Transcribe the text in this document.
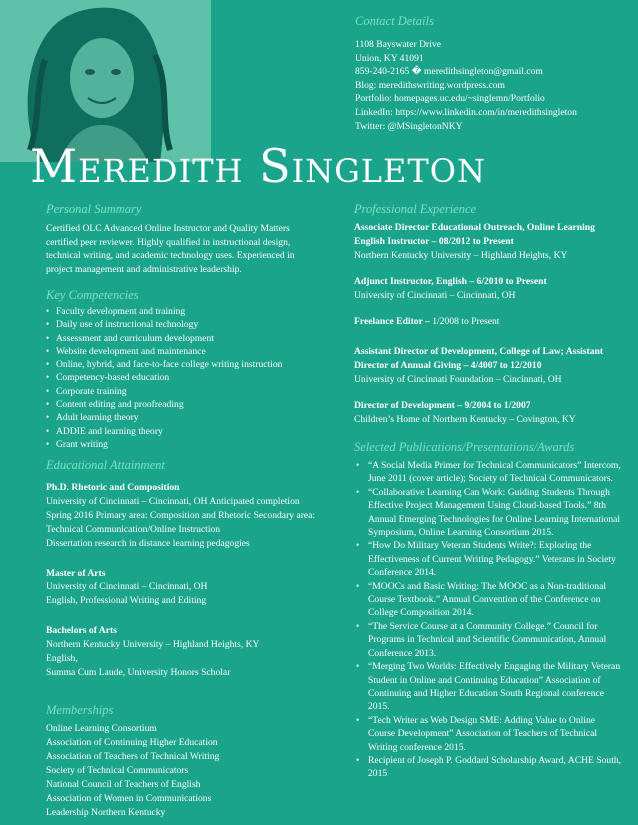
Contact Details
1108 Bayswater Drive
Union, KY 41091
859-240-2165 � meredithsingleton@gmail.com
Blog: meredithswriting.wordpress.com
Portfolio: homepages.uc.edu/~singlemn/Portfolio
LinkedIn: https://www.linkedin.com/in/meredithsingleton
Twitter: @MSingletonNKY
Meredith Singleton
Personal Summary

Certified OLC Advanced Online Instructor and Quality Matters certified peer reviewer. Highly qualified in instructional design, technical writing, and academic technology uses. Experienced in project management and administrative leadership.

Key Competencies
• Faculty development and training
• Daily use of instructional technology
• Assessment and curriculum development
• Website development and maintenance
• Online, hybrid, and face-to-face college writing instruction
• Competency-based education
• Corporate training
• Content editing and proofreading
• Adult learning theory
• ADDIE and learning theory
• Grant writing
Educational Attainment

Ph.D. Rhetoric and Composition

University of Cincinnati – Cincinnati, OH Anticipated completion Spring 2016 Primary area: Composition and Rhetoric Secondary area: Technical Communication/Online Instruction

Dissertation research in distance learning pedagogies

Master of Arts

University of Cincinnati – Cincinnati, OH

English, Professional Writing and Editing

Bachelors of Arts

Northern Kentucky University – Highland Heights, KY

English,

Summa Cum Laude, University Honors Scholar

Memberships

Online Learning Consortium

Association of Continuing Higher Education

Association of Teachers of Technical Writing

Society of Technical Communicators

National Council of Teachers of English

Association of Women in Communications

Leadership Northern Kentucky

Professional Experience

Associate Director Educational Outreach, Online Learning English Instructor – 08/2012 to Present

Northern Kentucky University – Highland Heights, KY

Adjunct Instructor, English – 6/2010 to Present

University of Cincinnati – Cincinnati, OH

Freelance Editor – 1/2008 to Present

Assistant Director of Development, College of Law; Assistant Director of Annual Giving – 4/4007 to 12/2010

University of Cincinnati Foundation – Cincinnati, OH

Director of Development – 9/2004 to 1/2007

Children’s Home of Northern Kentucky – Covington, KY

Selected Publications/Presentations/Awards
• “A Social Media Primer for Technical Communicators” Intercom, June 2011 (cover article); Society of Technical Communicators.
• “Collaborative Learning Can Work: Guiding Students Through Effective Project Management Using Cloud-based Tools.” 8th Annual Emerging Technologies for Online Learning International Symposium, Online Learning Consortium 2015.
• “How Do Military Veteran Students Write?: Exploring the Effectiveness of Current Writing Pedagogy.” Veterans in Society Conference 2014.
• “MOOCs and Basic Writing: The MOOC as a Non-traditional Course Textbook.” Annual Convention of the Conference on College Composition 2014.
• “The Service Course at a Community College.” Council for Programs in Technical and Scientific Communication, Annual Conference 2013.
• “Merging Two Worlds: Effectively Engaging the Military Veteran Student in Online and Continuing Education” Association of Continuing and Higher Education South Regional conference 2015.
• “Tech Writer as Web Design SME: Adding Value to Online Course Development” Association of Teachers of Technical Writing conference 2015.
• Recipient of Joseph P. Goddard Scholarship Award, ACHE South, 2015
